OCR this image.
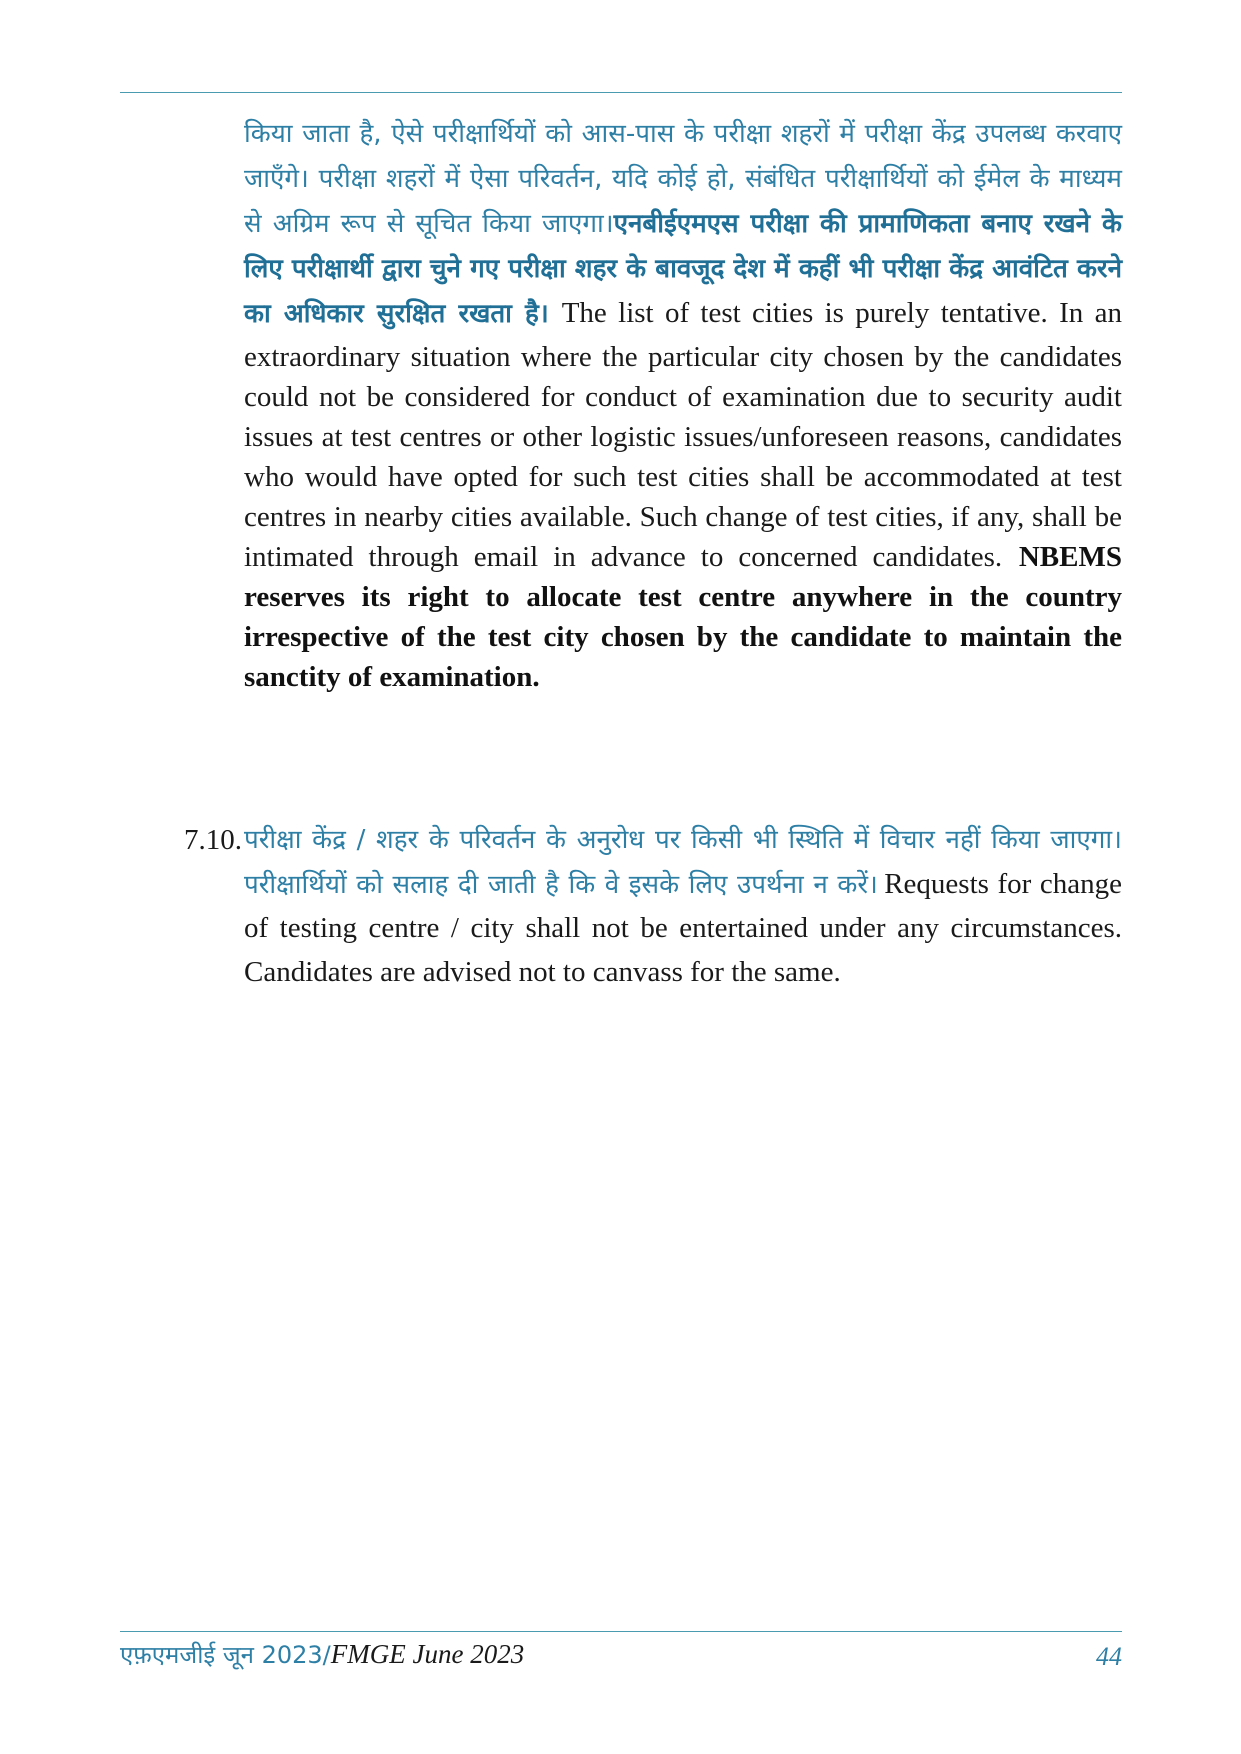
किया जाता है, ऐसे परीक्षार्थियों को आस-पास के परीक्षा शहरों में परीक्षा केंद्र उपलब्ध करवाए जाएँगे। परीक्षा शहरों में ऐसा परिवर्तन, यदि कोई हो, संबंधित परीक्षार्थियों को ईमेल के माध्यम से अग्रिम रूप से सूचित किया जाएगा।एनबीईएमएस परीक्षा की प्रामाणिकता बनाए रखने के लिए परीक्षार्थी द्वारा चुने गए परीक्षा शहर के बावजूद देश में कहीं भी परीक्षा केंद्र आवंटित करने का अधिकार सुरक्षित रखता है। The list of test cities is purely tentative. In an extraordinary situation where the particular city chosen by the candidates could not be considered for conduct of examination due to security audit issues at test centres or other logistic issues/unforeseen reasons, candidates who would have opted for such test cities shall be accommodated at test centres in nearby cities available. Such change of test cities, if any, shall be intimated through email in advance to concerned candidates. NBEMS reserves its right to allocate test centre anywhere in the country irrespective of the test city chosen by the candidate to maintain the sanctity of examination.
7.10. परीक्षा केंद्र / शहर के परिवर्तन के अनुरोध पर किसी भी स्थिति में विचार नहीं किया जाएगा। परीक्षार्थियों को सलाह दी जाती है कि वे इसके लिए उपर्थना न करें। Requests for change of testing centre / city shall not be entertained under any circumstances. Candidates are advised not to canvass for the same.
एफ़एमजीई जून 2023/FMGE June 2023	44
